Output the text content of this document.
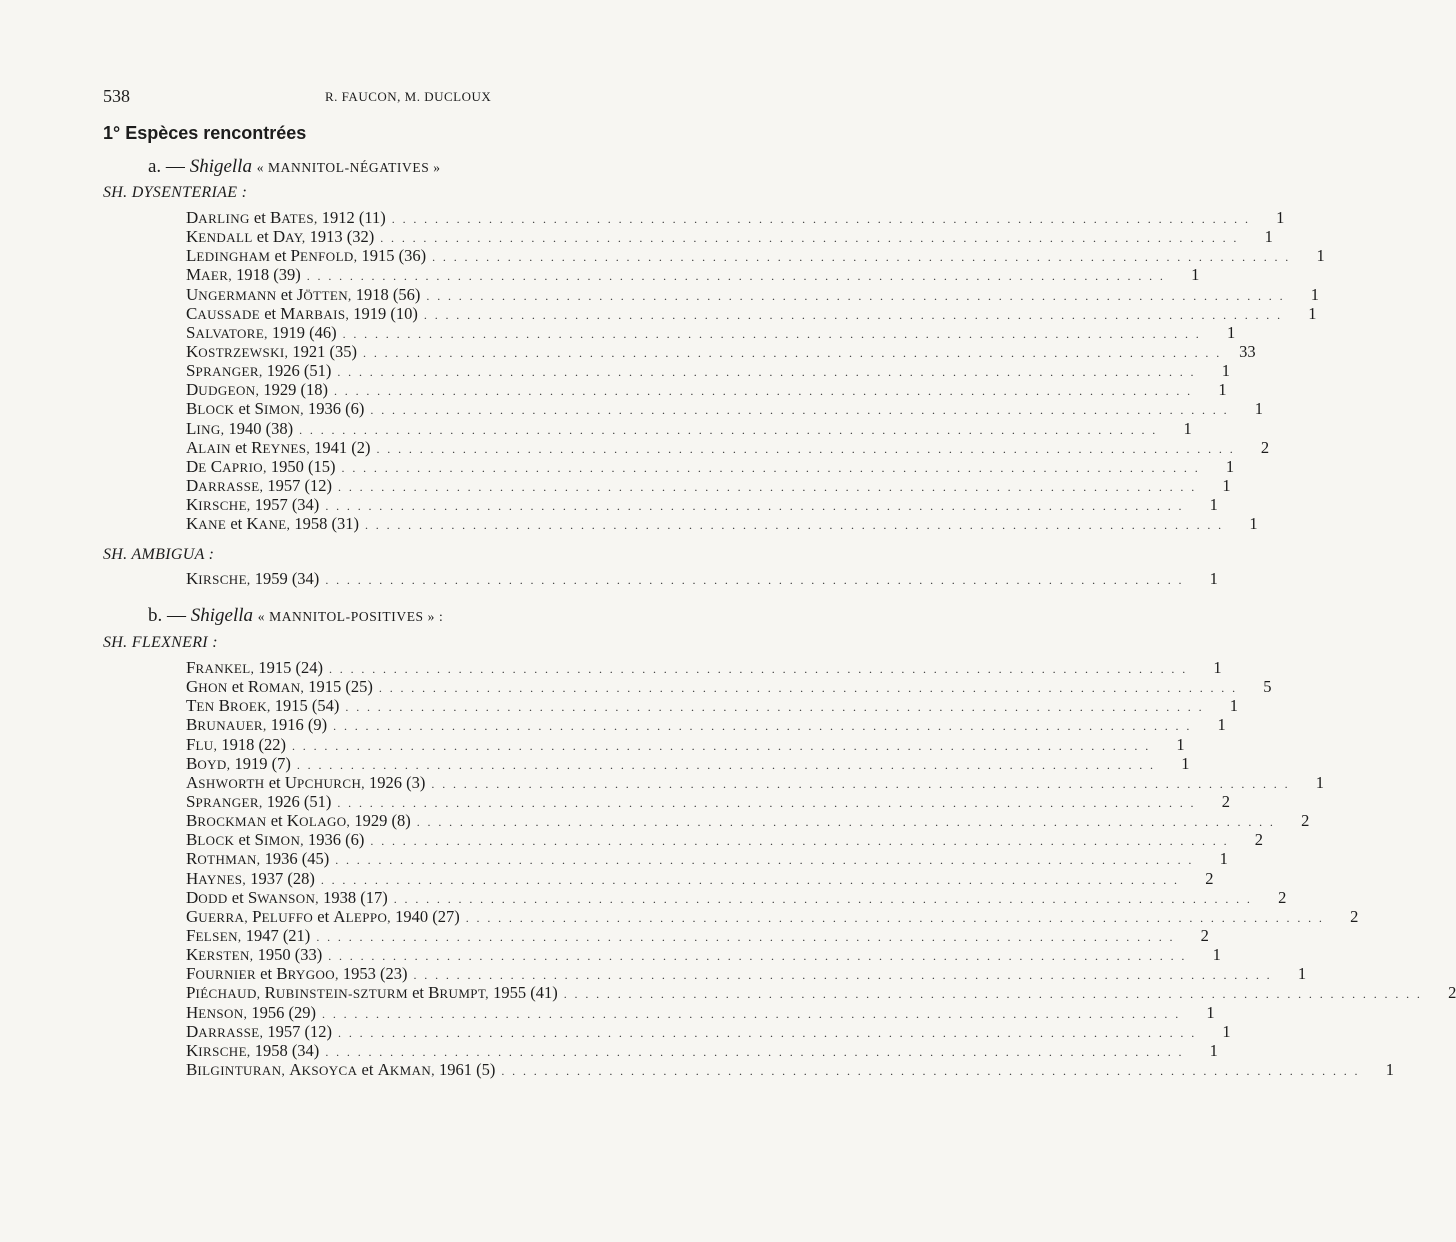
538	R. FAUCON, M. DUCLOUX
1° Espèces rencontrées
a. — Shigella « MANNITOL-NÉGATIVES »
SH. DYSENTERIAE :
DARLING et BATES, 1912 (11) . . . . . . . . . . . . . . . . . . . . . . . . . . . . . . . . . . . . . . . . . . . . . . . . . . . . . . . . . . . . . . . . . . . . . . . . . . . . . . . .	1
KENDALL et DAY, 1913 (32) . . . . . . . . . . . . . . . . . . . . . . . . . . . . . . . . . . . . . . . . . . . . . . . . . . . . . . . . . . . . . . . . . . . . . . . . . . . . . . . .	1
LEDINGHAM et PENFOLD, 1915 (36) . . . . . . . . . . . . . . . . . . . . . . . . . . . . . . . . . . . . . . . . . . . . . . . . . . . . . . . . . . . . . . . . . . . . . . . . . . . . . . . .	1
MAER, 1918 (39) . . . . . . . . . . . . . . . . . . . . . . . . . . . . . . . . . . . . . . . . . . . . . . . . . . . . . . . . . . . . . . . . . . . . . . . . . . . . . . . .	1
UNGERMANN et JÖTTEN, 1918 (56) . . . . . . . . . . . . . . . . . . . . . . . . . . . . . . . . . . . . . . . . . . . . . . . . . . . . . . . . . . . . . . . . . . . . . . . . . . . . . . . .	1
CAUSSADE et MARBAIS, 1919 (10) . . . . . . . . . . . . . . . . . . . . . . . . . . . . . . . . . . . . . . . . . . . . . . . . . . . . . . . . . . . . . . . . . . . . . . . . . . . . . . . .	1
SALVATORE, 1919 (46) . . . . . . . . . . . . . . . . . . . . . . . . . . . . . . . . . . . . . . . . . . . . . . . . . . . . . . . . . . . . . . . . . . . . . . . . . . . . . . . .	1
KOSTRZEWSKI, 1921 (35) . . . . . . . . . . . . . . . . . . . . . . . . . . . . . . . . . . . . . . . . . . . . . . . . . . . . . . . . . . . . . . . . . . . . . . . . . . . . . . . .	33
SPRANGER, 1926 (51) . . . . . . . . . . . . . . . . . . . . . . . . . . . . . . . . . . . . . . . . . . . . . . . . . . . . . . . . . . . . . . . . . . . . . . . . . . . . . . . .	1
DUDGEON, 1929 (18) . . . . . . . . . . . . . . . . . . . . . . . . . . . . . . . . . . . . . . . . . . . . . . . . . . . . . . . . . . . . . . . . . . . . . . . . . . . . . . . .	1
BLOCK et SIMON, 1936 (6) . . . . . . . . . . . . . . . . . . . . . . . . . . . . . . . . . . . . . . . . . . . . . . . . . . . . . . . . . . . . . . . . . . . . . . . . . . . . . . . .	1
LING, 1940 (38) . . . . . . . . . . . . . . . . . . . . . . . . . . . . . . . . . . . . . . . . . . . . . . . . . . . . . . . . . . . . . . . . . . . . . . . . . . . . . . . .	1
ALAIN et REYNES, 1941 (2) . . . . . . . . . . . . . . . . . . . . . . . . . . . . . . . . . . . . . . . . . . . . . . . . . . . . . . . . . . . . . . . . . . . . . . . . . . . . . . . .	2
DE CAPRIO, 1950 (15) . . . . . . . . . . . . . . . . . . . . . . . . . . . . . . . . . . . . . . . . . . . . . . . . . . . . . . . . . . . . . . . . . . . . . . . . . . . . . . . .	1
DARRASSE, 1957 (12) . . . . . . . . . . . . . . . . . . . . . . . . . . . . . . . . . . . . . . . . . . . . . . . . . . . . . . . . . . . . . . . . . . . . . . . . . . . . . . . .	1
KIRSCHE, 1957 (34) . . . . . . . . . . . . . . . . . . . . . . . . . . . . . . . . . . . . . . . . . . . . . . . . . . . . . . . . . . . . . . . . . . . . . . . . . . . . . . . .	1
KANE et KANE, 1958 (31) . . . . . . . . . . . . . . . . . . . . . . . . . . . . . . . . . . . . . . . . . . . . . . . . . . . . . . . . . . . . . . . . . . . . . . . . . . . . . . . .	1
SH. AMBIGUA :
KIRSCHE, 1959 (34) . . . . . . . . . . . . . . . . . . . . . . . . . . . . . . . . . . . . . . . . . . . . . . . . . . . . . . . . . . . . . . . . . . . . . . . . . . . . . . . .	1
b. — Shigella « MANNITOL-POSITIVES » :
SH. FLEXNERI :
FRANKEL, 1915 (24) . . . . . . . . . . . . . . . . . . . . . . . . . . . . . . . . . . . . . . . . . . . . . . . . . . . . . . . . . . . . . . . . . . . . . . . . . . . . . . . .	1
GHON et ROMAN, 1915 (25) . . . . . . . . . . . . . . . . . . . . . . . . . . . . . . . . . . . . . . . . . . . . . . . . . . . . . . . . . . . . . . . . . . . . . . . . . . . . . . . .	5
TEN BROEK, 1915 (54) . . . . . . . . . . . . . . . . . . . . . . . . . . . . . . . . . . . . . . . . . . . . . . . . . . . . . . . . . . . . . . . . . . . . . . . . . . . . . . . .	1
BRUNAUER, 1916 (9) . . . . . . . . . . . . . . . . . . . . . . . . . . . . . . . . . . . . . . . . . . . . . . . . . . . . . . . . . . . . . . . . . . . . . . . . . . . . . . . .	1
FLU, 1918 (22) . . . . . . . . . . . . . . . . . . . . . . . . . . . . . . . . . . . . . . . . . . . . . . . . . . . . . . . . . . . . . . . . . . . . . . . . . . . . . . . .	1
BOYD, 1919 (7) . . . . . . . . . . . . . . . . . . . . . . . . . . . . . . . . . . . . . . . . . . . . . . . . . . . . . . . . . . . . . . . . . . . . . . . . . . . . . . . .	1
ASHWORTH et UPCHURCH, 1926 (3) . . . . . . . . . . . . . . . . . . . . . . . . . . . . . . . . . . . . . . . . . . . . . . . . . . . . . . . . . . . . . . . . . . . . . . . . . . . . . . . .	1
SPRANGER, 1926 (51) . . . . . . . . . . . . . . . . . . . . . . . . . . . . . . . . . . . . . . . . . . . . . . . . . . . . . . . . . . . . . . . . . . . . . . . . . . . . . . . .	2
BROCKMAN et KOLAGO, 1929 (8) . . . . . . . . . . . . . . . . . . . . . . . . . . . . . . . . . . . . . . . . . . . . . . . . . . . . . . . . . . . . . . . . . . . . . . . . . . . . . . . .	2
BLOCK et SIMON, 1936 (6) . . . . . . . . . . . . . . . . . . . . . . . . . . . . . . . . . . . . . . . . . . . . . . . . . . . . . . . . . . . . . . . . . . . . . . . . . . . . . . . .	2
ROTHMAN, 1936 (45) . . . . . . . . . . . . . . . . . . . . . . . . . . . . . . . . . . . . . . . . . . . . . . . . . . . . . . . . . . . . . . . . . . . . . . . . . . . . . . . .	1
HAYNES, 1937 (28) . . . . . . . . . . . . . . . . . . . . . . . . . . . . . . . . . . . . . . . . . . . . . . . . . . . . . . . . . . . . . . . . . . . . . . . . . . . . . . . .	2
DODD et SWANSON, 1938 (17) . . . . . . . . . . . . . . . . . . . . . . . . . . . . . . . . . . . . . . . . . . . . . . . . . . . . . . . . . . . . . . . . . . . . . . . . . . . . . . . .	2
GUERRA, PELUFFO et ALEPPO, 1940 (27) . . . . . . . . . . . . . . . . . . . . . . . . . . . . . . . . . . . . . . . . . . . . . . . . . . . . . . . . . . . . . . . . . . . . . . . . . . . . . . . .	2
FELSEN, 1947 (21) . . . . . . . . . . . . . . . . . . . . . . . . . . . . . . . . . . . . . . . . . . . . . . . . . . . . . . . . . . . . . . . . . . . . . . . . . . . . . . . .	2
KERSTEN, 1950 (33) . . . . . . . . . . . . . . . . . . . . . . . . . . . . . . . . . . . . . . . . . . . . . . . . . . . . . . . . . . . . . . . . . . . . . . . . . . . . . . . .	1
FOURNIER et BRYGOO, 1953 (23) . . . . . . . . . . . . . . . . . . . . . . . . . . . . . . . . . . . . . . . . . . . . . . . . . . . . . . . . . . . . . . . . . . . . . . . . . . . . . . . .	1
PIÉCHAUD, RUBINSTEIN-SZTURM et BRUMPT, 1955 (41) . . . . . . . . . . . . . . . . . . . . . . . . . . . . . . . . . . . . . . . . . . . . . . . . . . . . . . . . . . . . . . . . . . . . . . . . . . . . . . . .	2
HENSON, 1956 (29) . . . . . . . . . . . . . . . . . . . . . . . . . . . . . . . . . . . . . . . . . . . . . . . . . . . . . . . . . . . . . . . . . . . . . . . . . . . . . . . .	1
DARRASSE, 1957 (12) . . . . . . . . . . . . . . . . . . . . . . . . . . . . . . . . . . . . . . . . . . . . . . . . . . . . . . . . . . . . . . . . . . . . . . . . . . . . . . . .	1
KIRSCHE, 1958 (34) . . . . . . . . . . . . . . . . . . . . . . . . . . . . . . . . . . . . . . . . . . . . . . . . . . . . . . . . . . . . . . . . . . . . . . . . . . . . . . . .	1
BILGINTURAN, AKSOYCA et AKMAN, 1961 (5) . . . . . . . . . . . . . . . . . . . . . . . . . . . . . . . . . . . . . . . . . . . . . . . . . . . . . . . . . . . . . . . . . . . . . . . . . . . . . . . .	1
